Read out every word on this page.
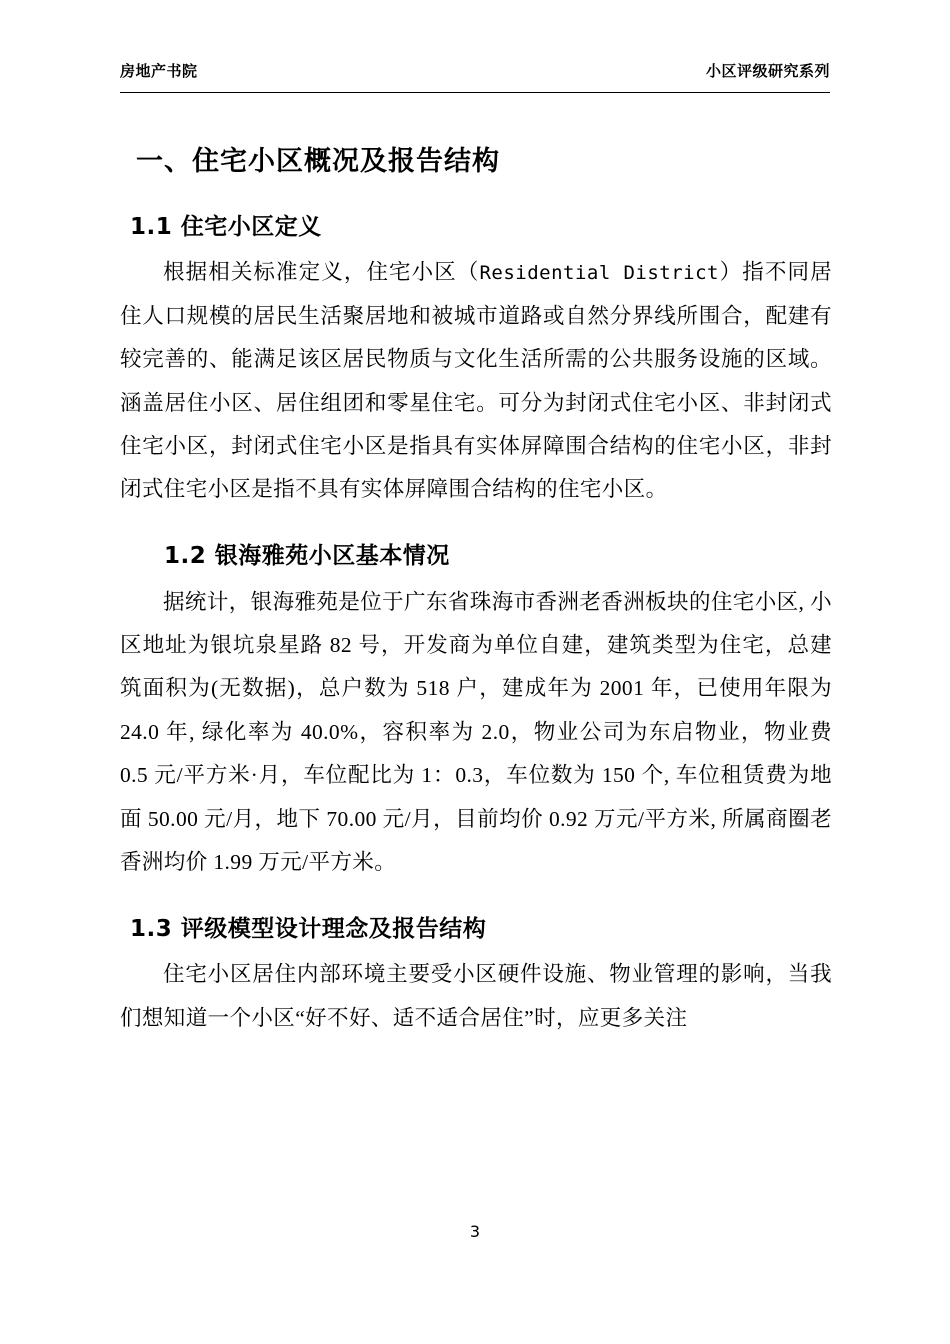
房地产书院	小区评级研究系列
一、住宅小区概况及报告结构
1.1 住宅小区定义

根据相关标准定义，住宅小区（Residential District）指不同居住人口规模的居民生活聚居地和被城市道路或自然分界线所围合，配建有较完善的、能满足该区居民物质与文化生活所需的公共服务设施的区域。涵盖居住小区、居住组团和零星住宅。可分为封闭式住宅小区、非封闭式住宅小区，封闭式住宅小区是指具有实体屏障围合结构的住宅小区，非封闭式住宅小区是指不具有实体屏障围合结构的住宅小区。

1.2 银海雅苑小区基本情况

据统计，银海雅苑是位于广东省珠海市香洲老香洲板块的住宅小区, 小区地址为银坑泉星路 82 号，开发商为单位自建，建筑类型为住宅，总建筑面积为(无数据)，总户数为 518 户，建成年为 2001 年，已使用年限为 24.0 年, 绿化率为 40.0%，容积率为 2.0，物业公司为东启物业，物业费 0.5 元/平方米·月，车位配比为 1：0.3，车位数为 150 个, 车位租赁费为地面 50.00 元/月，地下 70.00 元/月，目前均价 0.92 万元/平方米, 所属商圈老香洲均价 1.99 万元/平方米。

1.3 评级模型设计理念及报告结构

住宅小区居住内部环境主要受小区硬件设施、物业管理的影响，当我们想知道一个小区“好不好、适不适合居住”时，应更多关注

3
